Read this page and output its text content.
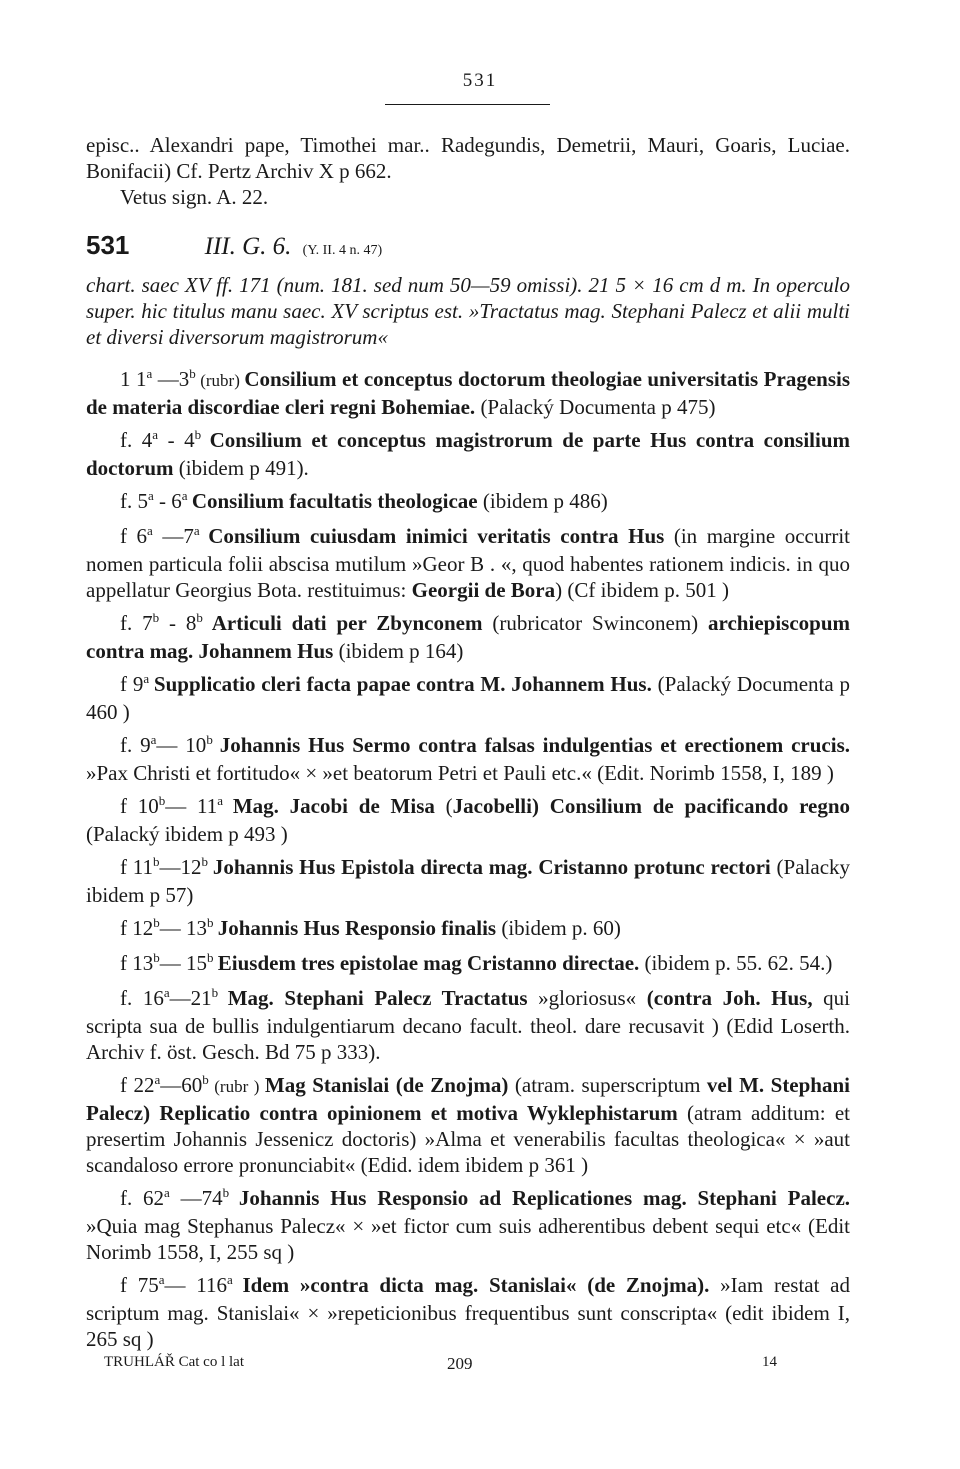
531

episc.. Alexandri pape, Timothei mar.. Radegundis, Demetrii, Mauri, Goaris, Luciae. Bonifacii) Cf. Pertz Archiv X p 662.

Vetus sign. A. 22.

531	III. G. 6. (Y. II. 4 n. 47)

chart. saec XV ff. 171 (num. 181. sed num 50—59 omissi). 21 5 × 16 cm d m. In operculo super. hic titulus manu saec. XV scriptus est. »Tractatus mag. Stephani Palecz et alii multi et diversi diversorum magistrorum«

1 1$^a$ —3$^b$ (rubr) Consilium et conceptus doctorum theologiae universitatis Pragensis de materia discordiae cleri regni Bohemiae. (Palacký Documenta p 475)

f. 4$^a$ - 4$^b$ Consilium et conceptus magistrorum de parte Hus contra consilium doctorum (ibidem p 491).

f. 5$^a$ - 6$^a$ Consilium facultatis theologicae (ibidem p 486)

f 6$^a$ —7$^a$ Consilium cuiusdam inimici veritatis contra Hus (in margine occurrit nomen particula folii abscisa mutilum »Geor B . «, quod habentes rationem indicis. in quo appellatur Georgius Bota. restituimus: Georgii de Bora) (Cf ibidem p. 501 )

f. 7$^b$ - 8$^b$ Articuli dati per Zbynconem (rubricator Swinconem) archiepiscopum contra mag. Johannem Hus (ibidem p 164)

f 9$^a$ Supplicatio cleri facta papae contra M. Johannem Hus. (Palacký Documenta p 460 )

f. 9$^a$— 10$^b$ Johannis Hus Sermo contra falsas indulgentias et erectionem crucis. »Pax Christi et fortitudo« × »et beatorum Petri et Pauli etc.« (Edit. Norimb 1558, I, 189 )

f 10$^b$— 11$^a$ Mag. Jacobi de Misa (Jacobelli) Consilium de pacificando regno (Palacký ibidem p 493 )

f 11$^b$—12$^b$ Johannis Hus Epistola directa mag. Cristanno protunc rectori (Palacky ibidem p 57)

f 12$^b$— 13$^b$ Johannis Hus Responsio finalis (ibidem p. 60)

f 13$^b$— 15$^b$ Eiusdem tres epistolae mag Cristanno directae. (ibidem p. 55. 62. 54.)

f. 16$^a$—21$^b$ Mag. Stephani Palecz Tractatus »gloriosus« (contra Joh. Hus, qui scripta sua de bullis indulgentiarum decano facult. theol. dare recusavit ) (Edid Loserth. Archiv f. öst. Gesch. Bd 75 p 333).

f 22$^a$—60$^b$ (rubr ) Mag Stanislai (de Znojma) (atram. superscriptum vel M. Stephani Palecz) Replicatio contra opinionem et motiva Wyklephistarum (atram additum: et presertim Johannis Jessenicz doctoris) »Alma et venerabilis facultas theologica« × »aut scandaloso errore pronunciabit« (Edid. idem ibidem p 361 )

f. 62$^a$ —74$^b$ Johannis Hus Responsio ad Replicationes mag. Stephani Palecz. »Quia mag Stephanus Palecz« × »et fictor cum suis adherentibus debent sequi etc« (Edit Norimb 1558, I, 255 sq )

f 75$^a$— 116$^a$ Idem »contra dicta mag. Stanislai« (de Znojma). »Iam restat ad scriptum mag. Stanislai« × »repeticionibus frequentibus sunt conscripta« (edit ibidem I, 265 sq )

TRUHLÁŘ Cat co l lat	209	14
